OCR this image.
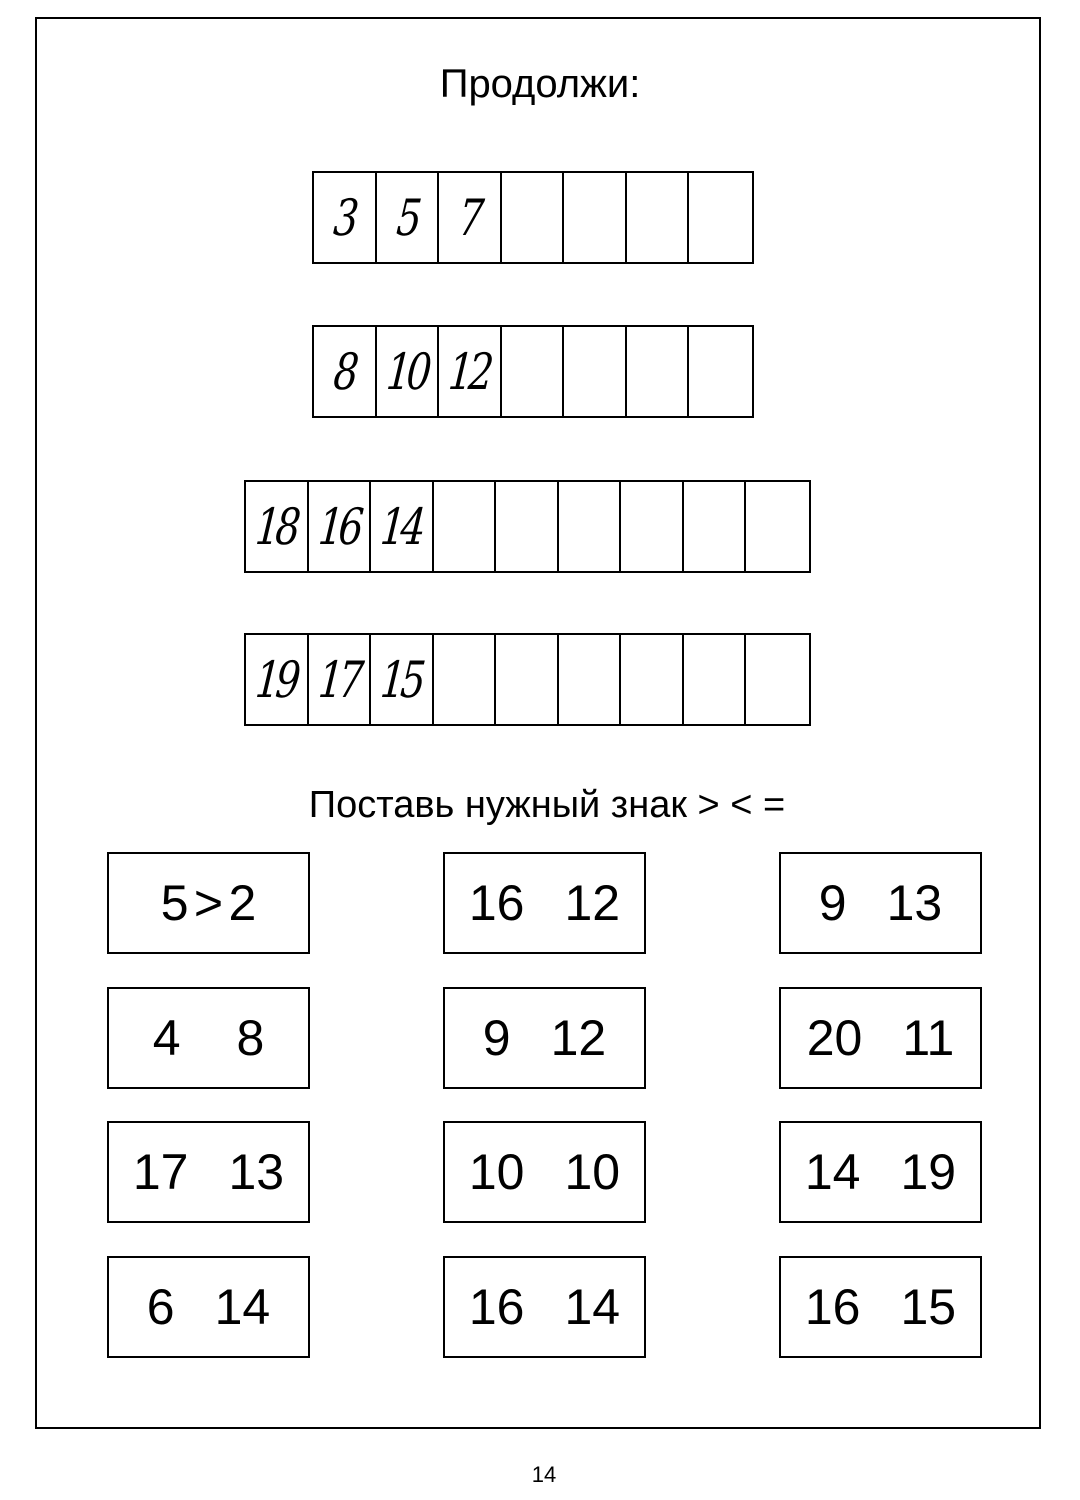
Продолжи:
3 5 7
8 10 12
18 16 14
19 17 15
Поставь нужный знак > < =
5 > 2	16 12	9 13
4 8	9 12	20 11
17 13	10 10	14 19
6 14	16 14	16 15
14
